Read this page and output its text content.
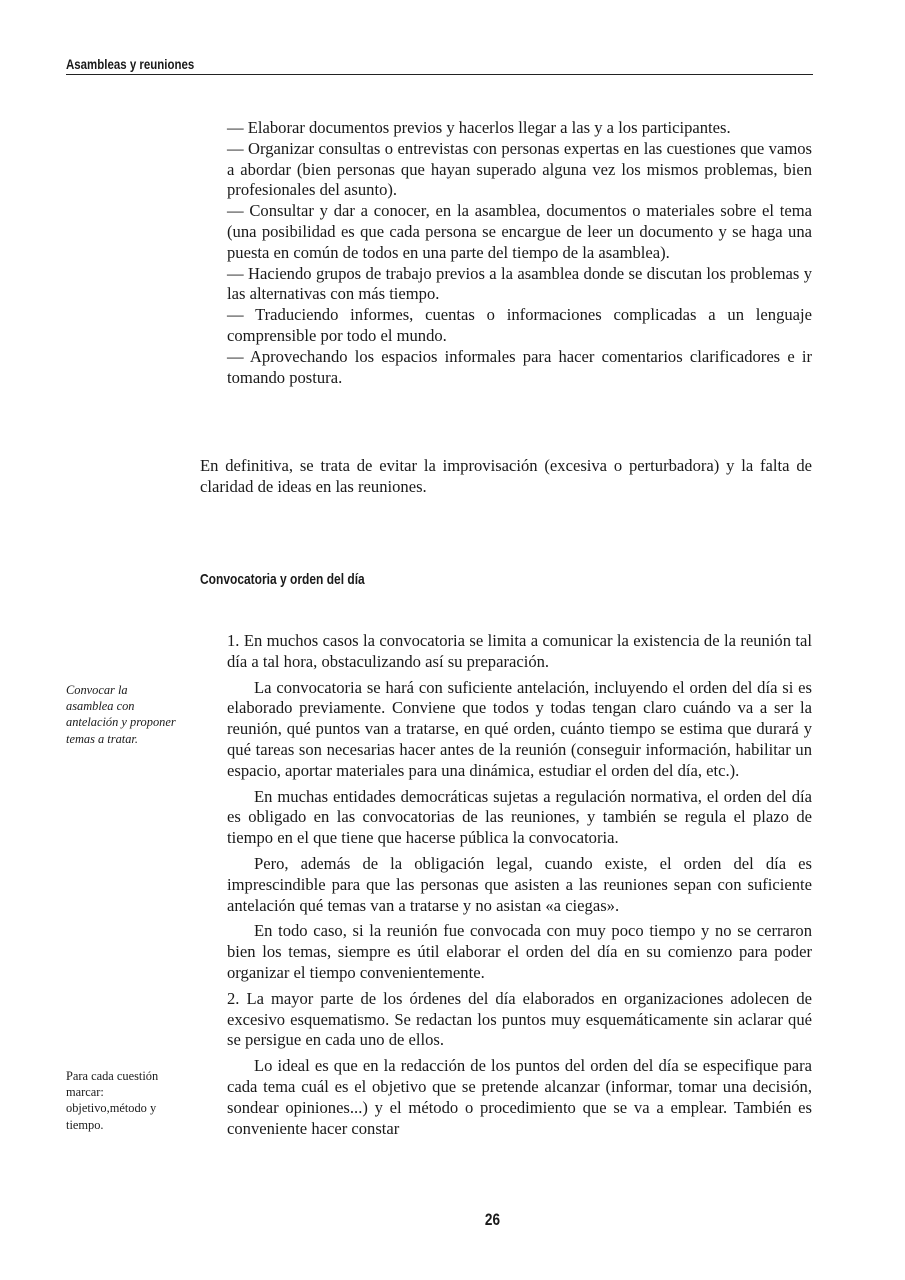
Asambleas y reuniones

— Elaborar documentos previos y hacerlos llegar a las y a los participantes.

— Organizar consultas o entrevistas con personas expertas en las cuestiones que vamos a abordar (bien personas que hayan superado alguna vez los mismos problemas, bien profesionales del asunto).

— Consultar y dar a conocer, en la asamblea, documentos o materiales sobre el tema (una posibilidad es que cada persona se encargue de leer un documento y se haga una puesta en común de todos en una parte del tiempo de la asamblea).

— Haciendo grupos de trabajo previos a la asamblea donde se discutan los problemas y las alternativas con más tiempo.

— Traduciendo informes, cuentas o informaciones complicadas a un lenguaje comprensible por todo el mundo.

— Aprovechando los espacios informales para hacer comentarios clarificadores e ir tomando postura.

En definitiva, se trata de evitar la improvisación (excesiva o perturbadora) y la falta de claridad de ideas en las reuniones.

Convocatoria y orden del día

1. En muchos casos la convocatoria se limita a comunicar la existencia de la reunión tal día a tal hora, obstaculizando así su preparación.

La convocatoria se hará con suficiente antelación, incluyendo el orden del día si es elaborado previamente. Conviene que todos y todas tengan claro cuándo va a ser la reunión, qué puntos van a tratarse, en qué orden, cuánto tiempo se estima que durará y qué tareas son necesarias hacer antes de la reunión (conseguir información, habilitar un espacio, aportar materiales para una dinámica, estudiar el orden del día, etc.).

En muchas entidades democráticas sujetas a regulación normativa, el orden del día es obligado en las convocatorias de las reuniones, y también se regula el plazo de tiempo en el que tiene que hacerse pública la convocatoria.

Pero, además de la obligación legal, cuando existe, el orden del día es imprescindible para que las personas que asisten a las reuniones sepan con suficiente antelación qué temas van a tratarse y no asistan «a ciegas».

En todo caso, si la reunión fue convocada con muy poco tiempo y no se cerraron bien los temas, siempre es útil elaborar el orden del día en su comienzo para poder organizar el tiempo convenientemente.

2. La mayor parte de los órdenes del día elaborados en organizaciones adolecen de excesivo esquematismo. Se redactan los puntos muy esquemáticamente sin aclarar qué se persigue en cada uno de ellos.

Lo ideal es que en la redacción de los puntos del orden del día se especifique para cada tema cuál es el objetivo que se pretende alcanzar (informar, tomar una decisión, sondear opiniones...) y el método o procedimiento que se va a emplear. También es conveniente hacer constar

Convocar la asamblea con antelación y proponer temas a tratar.
Para cada cuestión marcar: objetivo,método y tiempo.
26
